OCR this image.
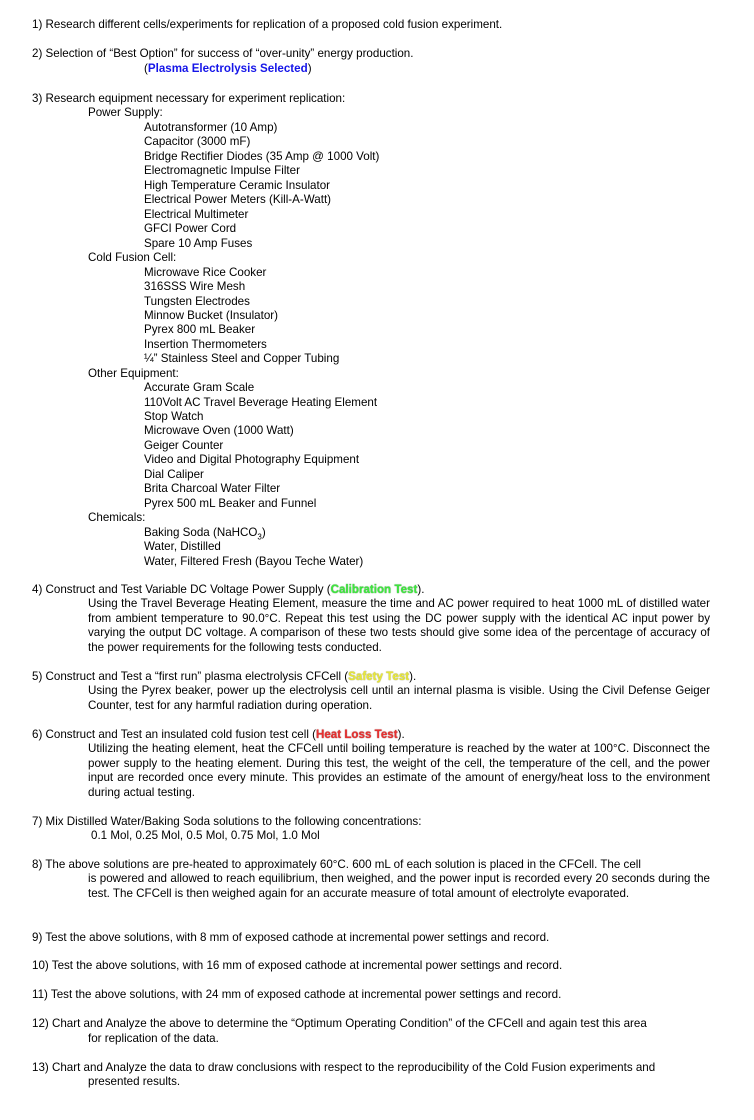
1) Research different cells/experiments for replication of a proposed cold fusion experiment.
2) Selection of “Best Option” for success of “over-unity” energy production.
(Plasma Electrolysis Selected)
3) Research equipment necessary for experiment replication:
Power Supply:
Autotransformer (10 Amp)
Capacitor (3000 mF)
Bridge Rectifier Diodes (35 Amp @ 1000 Volt)
Electromagnetic Impulse Filter
High Temperature Ceramic Insulator
Electrical Power Meters (Kill-A-Watt)
Electrical Multimeter
GFCI Power Cord
Spare 10 Amp Fuses
Cold Fusion Cell:
Microwave Rice Cooker
316SSS Wire Mesh
Tungsten Electrodes
Minnow Bucket (Insulator)
Pyrex 800 mL Beaker
Insertion Thermometers
¼” Stainless Steel and Copper Tubing
Other Equipment:
Accurate Gram Scale
110Volt AC Travel Beverage Heating Element
Stop Watch
Microwave Oven (1000 Watt)
Geiger Counter
Video and Digital Photography Equipment
Dial Caliper
Brita Charcoal Water Filter
Pyrex 500 mL Beaker and Funnel
Chemicals:
Baking Soda (NaHCO$_3$)
Water, Distilled
Water, Filtered Fresh (Bayou Teche Water)
4) Construct and Test Variable DC Voltage Power Supply (Calibration Test).
Using the Travel Beverage Heating Element, measure the time and AC power required to heat 1000 mL of distilled water from ambient temperature to 90.0°C. Repeat this test using the DC power supply with the identical AC input power by varying the output DC voltage. A comparison of these two tests should give some idea of the percentage of accuracy of the power requirements for the following tests conducted.
5) Construct and Test a “first run” plasma electrolysis CFCell (Safety Test).
Using the Pyrex beaker, power up the electrolysis cell until an internal plasma is visible. Using the Civil Defense Geiger Counter, test for any harmful radiation during operation.
6) Construct and Test an insulated cold fusion test cell (Heat Loss Test).
Utilizing the heating element, heat the CFCell until boiling temperature is reached by the water at 100°C. Disconnect the power supply to the heating element. During this test, the weight of the cell, the temperature of the cell, and the power input are recorded once every minute. This provides an estimate of the amount of energy/heat loss to the environment during actual testing.
7) Mix Distilled Water/Baking Soda solutions to the following concentrations:
0.1 Mol, 0.25 Mol, 0.5 Mol, 0.75 Mol, 1.0 Mol
8) The above solutions are pre-heated to approximately 60°C. 600 mL of each solution is placed in the CFCell. The cell
is powered and allowed to reach equilibrium, then weighed, and the power input is recorded every 20 seconds during the test. The CFCell is then weighed again for an accurate measure of total amount of electrolyte evaporated.
9) Test the above solutions, with 8 mm of exposed cathode at incremental power settings and record.
10) Test the above solutions, with 16 mm of exposed cathode at incremental power settings and record.
11) Test the above solutions, with 24 mm of exposed cathode at incremental power settings and record.
12) Chart and Analyze the above to determine the “Optimum Operating Condition” of the CFCell and again test this area
for replication of the data.
13) Chart and Analyze the data to draw conclusions with respect to the reproducibility of the Cold Fusion experiments and
presented results.
